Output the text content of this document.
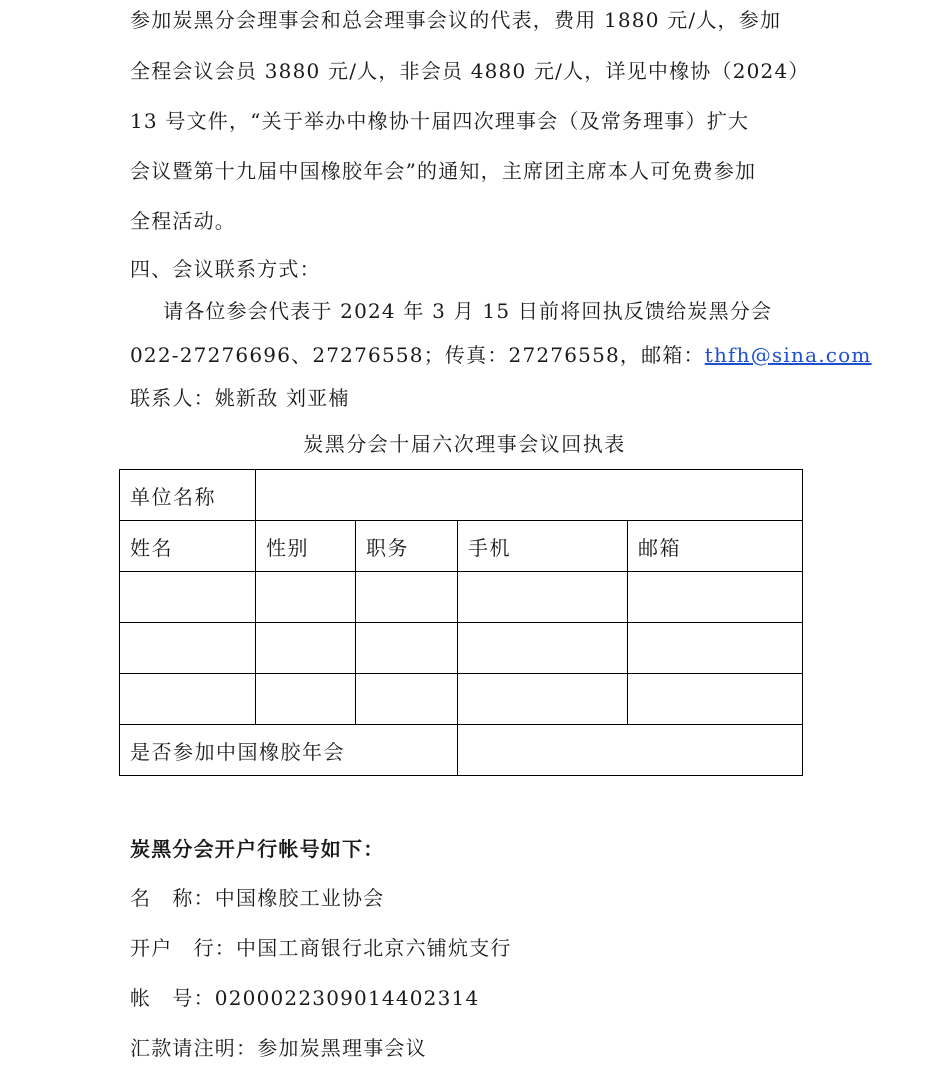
参加炭黑分会理事会和总会理事会议的代表，费用 1880 元/人，参加
全程会议会员 3880 元/人，非会员 4880 元/人，详见中橡协（2024）
13 号文件，“关于举办中橡协十届四次理事会（及常务理事）扩大
会议暨第十九届中国橡胶年会”的通知，主席团主席本人可免费参加
全程活动。
四、会议联系方式：
请各位参会代表于 2024 年 3 月 15 日前将回执反馈给炭黑分会
022-27276696、27276558；传真：27276558，邮箱：thfh@sina.com
联系人：姚新敌 刘亚楠
炭黑分会十届六次理事会议回执表
单位名称				
姓名	性别	职务	手机	邮箱

是否参加中国橡胶年会				
炭黑分会开户行帐号如下：
名　称：中国橡胶工业协会
开户　行：中国工商银行北京六铺炕支行
帐　号：0200022309014402314
汇款请注明：参加炭黑理事会议
